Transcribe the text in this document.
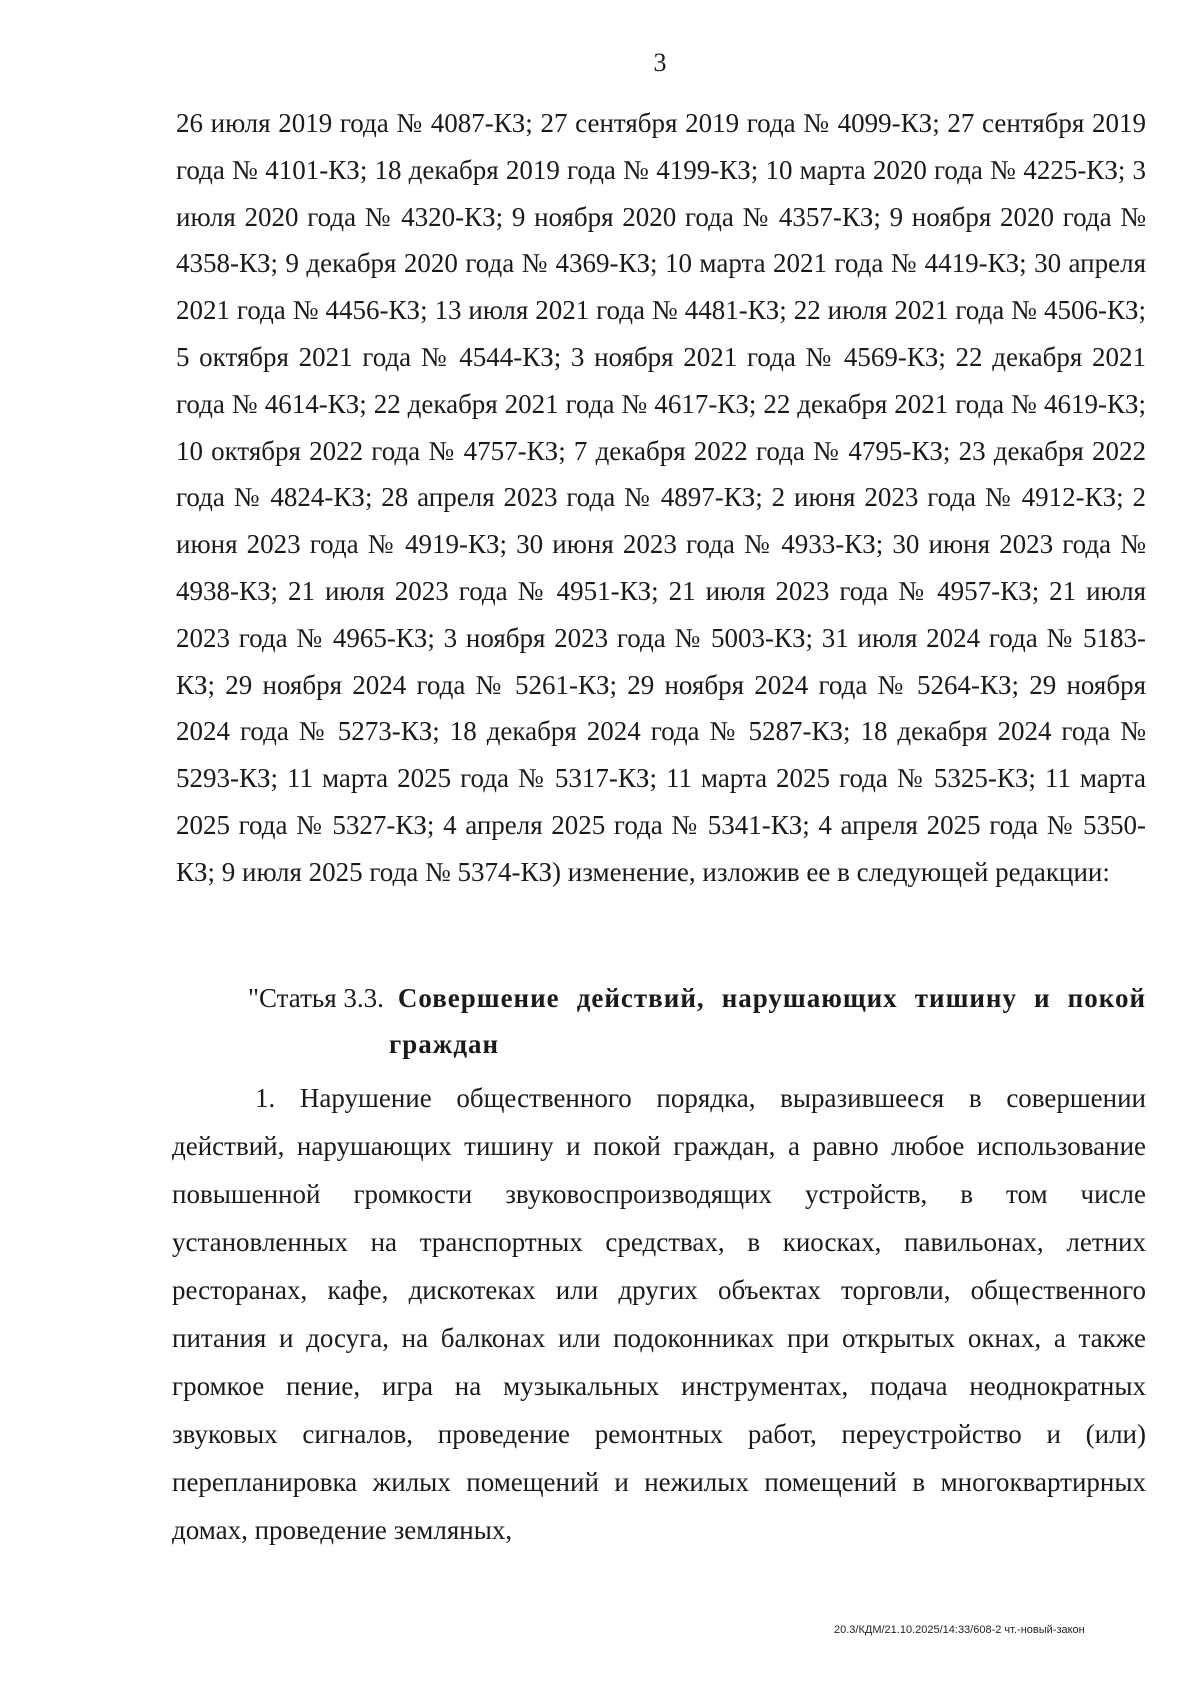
3

26 июля 2019 года № 4087-КЗ; 27 сентября 2019 года № 4099-КЗ; 27 сентября 2019 года № 4101-КЗ; 18 декабря 2019 года № 4199-КЗ; 10 марта 2020 года № 4225-КЗ; 3 июля 2020 года № 4320-КЗ; 9 ноября 2020 года № 4357-КЗ; 9 ноября 2020 года № 4358-КЗ; 9 декабря 2020 года № 4369-КЗ; 10 марта 2021 года № 4419-КЗ; 30 апреля 2021 года № 4456-КЗ; 13 июля 2021 года № 4481-КЗ; 22 июля 2021 года № 4506-КЗ; 5 октября 2021 года № 4544-КЗ; 3 ноября 2021 года № 4569-КЗ; 22 декабря 2021 года № 4614-КЗ; 22 декабря 2021 года № 4617-КЗ; 22 декабря 2021 года № 4619-КЗ; 10 октября 2022 года № 4757-КЗ; 7 декабря 2022 года № 4795-КЗ; 23 декабря 2022 года № 4824-КЗ; 28 апреля 2023 года № 4897-КЗ; 2 июня 2023 года № 4912-КЗ; 2 июня 2023 года № 4919-КЗ; 30 июня 2023 года № 4933-КЗ; 30 июня 2023 года № 4938-КЗ; 21 июля 2023 года № 4951-КЗ; 21 июля 2023 года № 4957-КЗ; 21 июля 2023 года № 4965-КЗ; 3 ноября 2023 года № 5003-КЗ; 31 июля 2024 года № 5183-КЗ; 29 ноября 2024 года № 5261-КЗ; 29 ноября 2024 года № 5264-КЗ; 29 ноября 2024 года № 5273-КЗ; 18 декабря 2024 года № 5287-КЗ; 18 декабря 2024 года № 5293-КЗ; 11 марта 2025 года № 5317-КЗ; 11 марта 2025 года № 5325-КЗ; 11 марта 2025 года № 5327-КЗ; 4 апреля 2025 года № 5341-КЗ; 4 апреля 2025 года № 5350-КЗ; 9 июля 2025 года № 5374-КЗ) изменение, изложив ее в следующей редакции:

"Статья 3.3. Совершение действий, нарушающих тишину и покой
граждан

1. Нарушение общественного порядка, выразившееся в совершении действий, нарушающих тишину и покой граждан, а равно любое использование повышенной громкости звуковоспроизводящих устройств, в том числе установленных на транспортных средствах, в киосках, павильонах, летних ресторанах, кафе, дискотеках или других объектах торговли, общественного питания и досуга, на балконах или подоконниках при открытых окнах, а также громкое пение, игра на музыкальных инструментах, подача неоднократных звуковых сигналов, проведение ремонтных работ, переустройство и (или) перепланировка жилых помещений и нежилых помещений в многоквартирных домах, проведение земляных,

20.3/КДМ/21.10.2025/14:33/608-2 чт.-новый-закон
